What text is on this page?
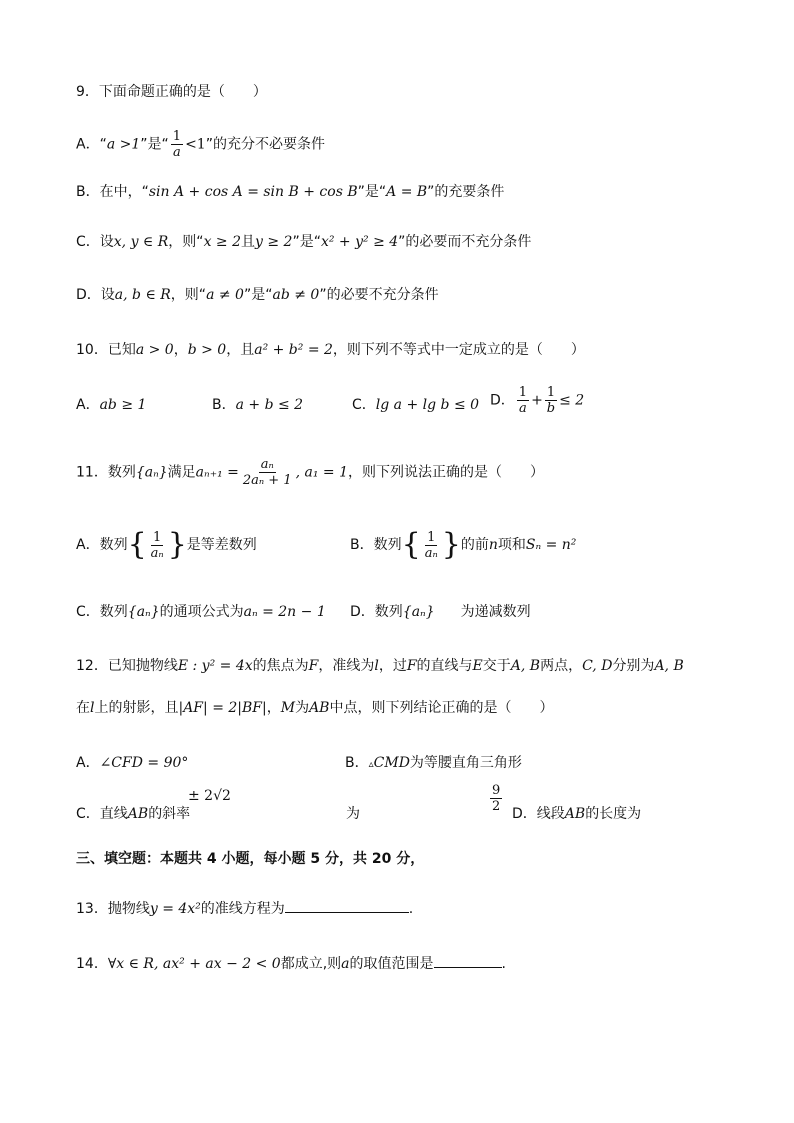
9．下面命题正确的是（　　）
A．“a >1”是“ $\frac{1}{a} <1$”的充分不必要条件
B．在中，“sin A + cos A = sin B + cos B”是“A = B”的充要条件
C．设x, y ∈ R，则“x ≥ 2且y ≥ 2”是“x² + y² ≥ 4”的必要而不充分条件
D．设a, b ∈ R，则“a ≠ 0”是“ab ≠ 0”的必要不充分条件
10．已知a > 0，b > 0，且a² + b² = 2，则下列不等式中一定成立的是（　　）
A．ab ≥ 1	B．a + b ≤ 2	C．lg a + lg b ≤ 0 D． $\frac{1}{a} + \frac{1}{b} \le 2$
11．数列{aₙ}满足$a_{n+1} = \frac{\text{aₙ}}{\text{2aₙ + 1}}$ , a₁ = 1，则下列说法正确的是（　　）
A．数列{ $\frac{1}{\text{aₙ}}$ }是等差数列	B．数列{ $\frac{1}{\text{aₙ}}$ }的前n项和Sₙ = n²
C．数列{aₙ}的通项公式为aₙ = 2n − 1 D．数列{aₙ} 为递减数列
12．已知抛物线E : y² = 4x的焦点为F，准线为l，过F的直线与E交于A, B两点，C, D分别为A, B
在l上的射影，且|AF| = 2|BF|，M为AB中点，则下列结论正确的是（　　）
A．∠CFD = 90°	B．▵CMD为等腰直角三角形
± 2√2
C．直线AB的斜率	为
$\frac{9}{2}$
D．线段AB的长度为
三、填空题：本题共 4 小题，每小题 5 分，共 20 分，
13．抛物线y = 4x²的准线方程为	.
14．∀x ∈ R, ax² + ax − 2 < 0都成立,则a的取值范围是	.
